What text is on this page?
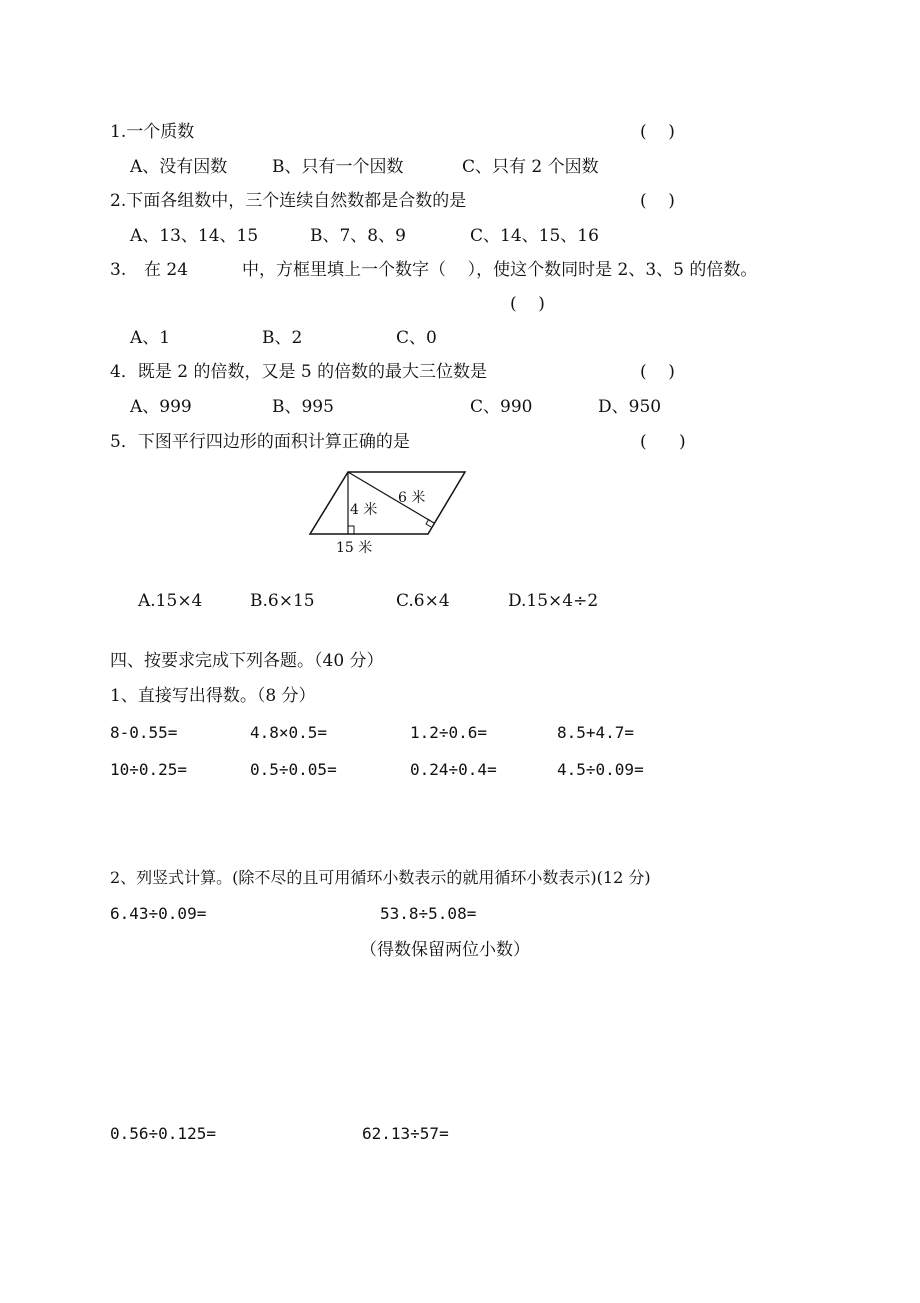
1.一个质数	(    )
A、没有因数	B、只有一个因数	C、只有 2 个因数
2.下面各组数中，三个连续自然数都是合数的是	(    )
A、13、14、15	B、7、8、9	C、14、15、16
3. 在 24	中，方框里填上一个数字（    ），使这个数同时是 2、3、5 的倍数。
(    )
A、1	B、2	C、0
4．既是 2 的倍数，又是 5 的倍数的最大三位数是	(    )
A、999	B、995	C、990	D、950
5．下图平行四边形的面积计算正确的是	(      )
6 米
4 米
15 米
A.15×4	B.6×15	C.6×4	D.15×4÷2
四、按要求完成下列各题。（40 分）
1、直接写出得数。（8 分）
8-0.55=	4.8×0.5=	1.2÷0.6=	8.5+4.7=
10÷0.25=	0.5÷0.05=	0.24÷0.4=	4.5÷0.09=
2、列竖式计算。(除不尽的且可用循环小数表示的就用循环小数表示)(12 分)
6.43÷0.09=	53.8÷5.08=
（得数保留两位小数）
0.56÷0.125=	62.13÷57=
